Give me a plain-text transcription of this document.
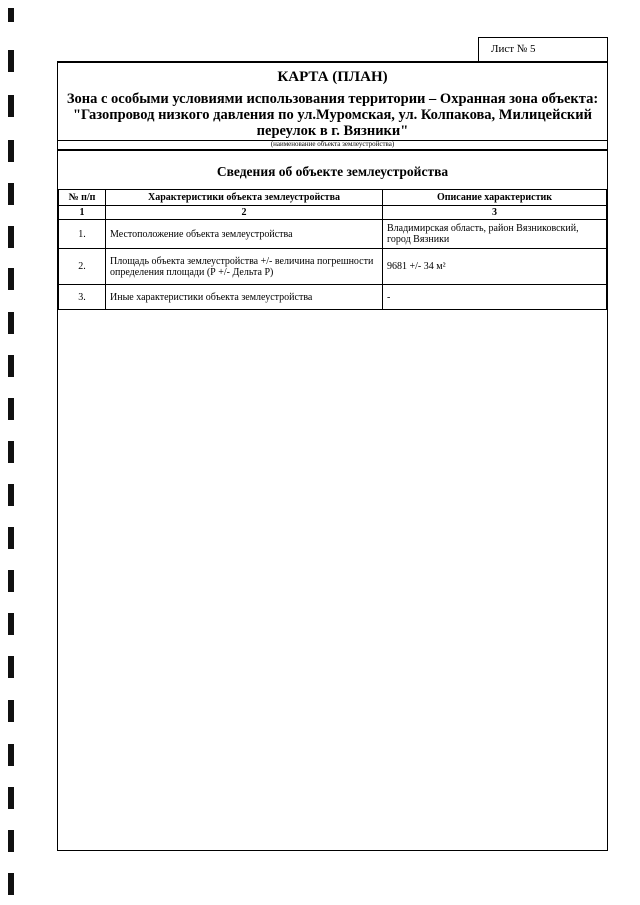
Лист № 5
КАРТА (ПЛАН)
Зона с особыми условиями использования территории – Охранная зона объекта:
"Газопровод низкого давления по ул.Муромская, ул. Колпакова, Милицейский
переулок в г. Вязники"
(наименование объекта землеустройства)
Сведения об объекте землеустройства
№ п/п	Характеристики объекта землеустройства	Описание характеристик
1	2	3
1.	Местоположение объекта землеустройства	Владимирская область, район Вязниковский, город Вязники
2.	Площадь объекта землеустройства +/- величина погрешности определения площади (Р +/- Дельта Р)	9681 +/- 34 м²
3.	Иные характеристики объекта землеустройства	-
